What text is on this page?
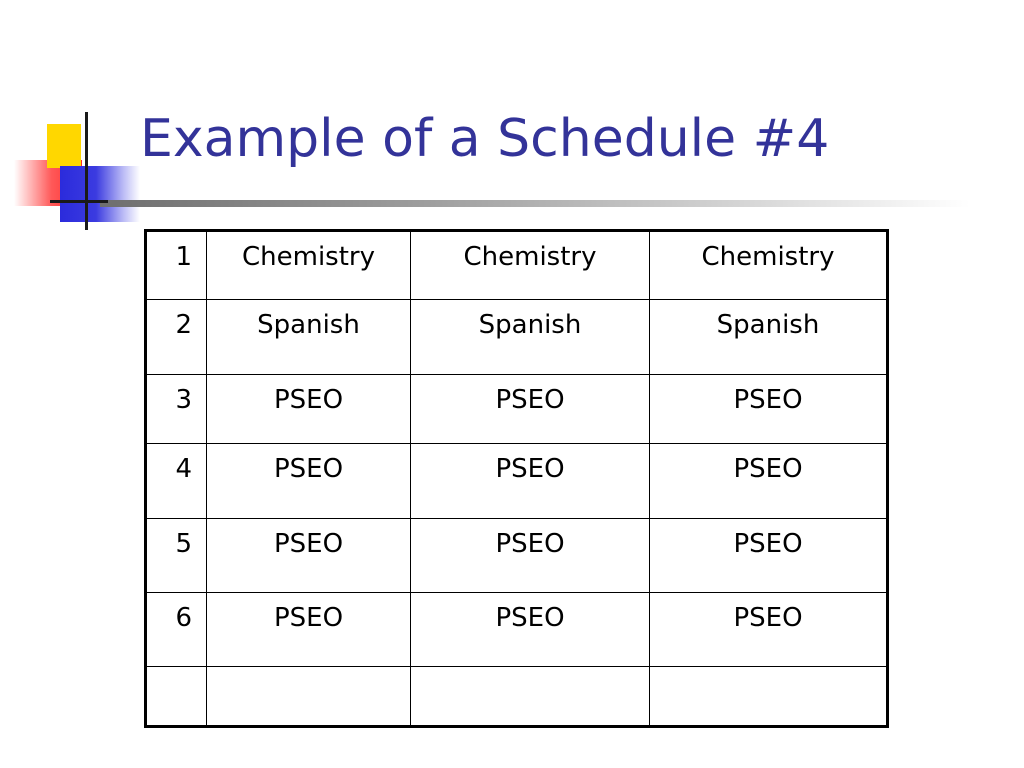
Example of a Schedule #4
1	Chemistry	Chemistry	Chemistry
2	Spanish	Spanish	Spanish
3	PSEO	PSEO	PSEO
4	PSEO	PSEO	PSEO
5	PSEO	PSEO	PSEO
6	PSEO	PSEO	PSEO
